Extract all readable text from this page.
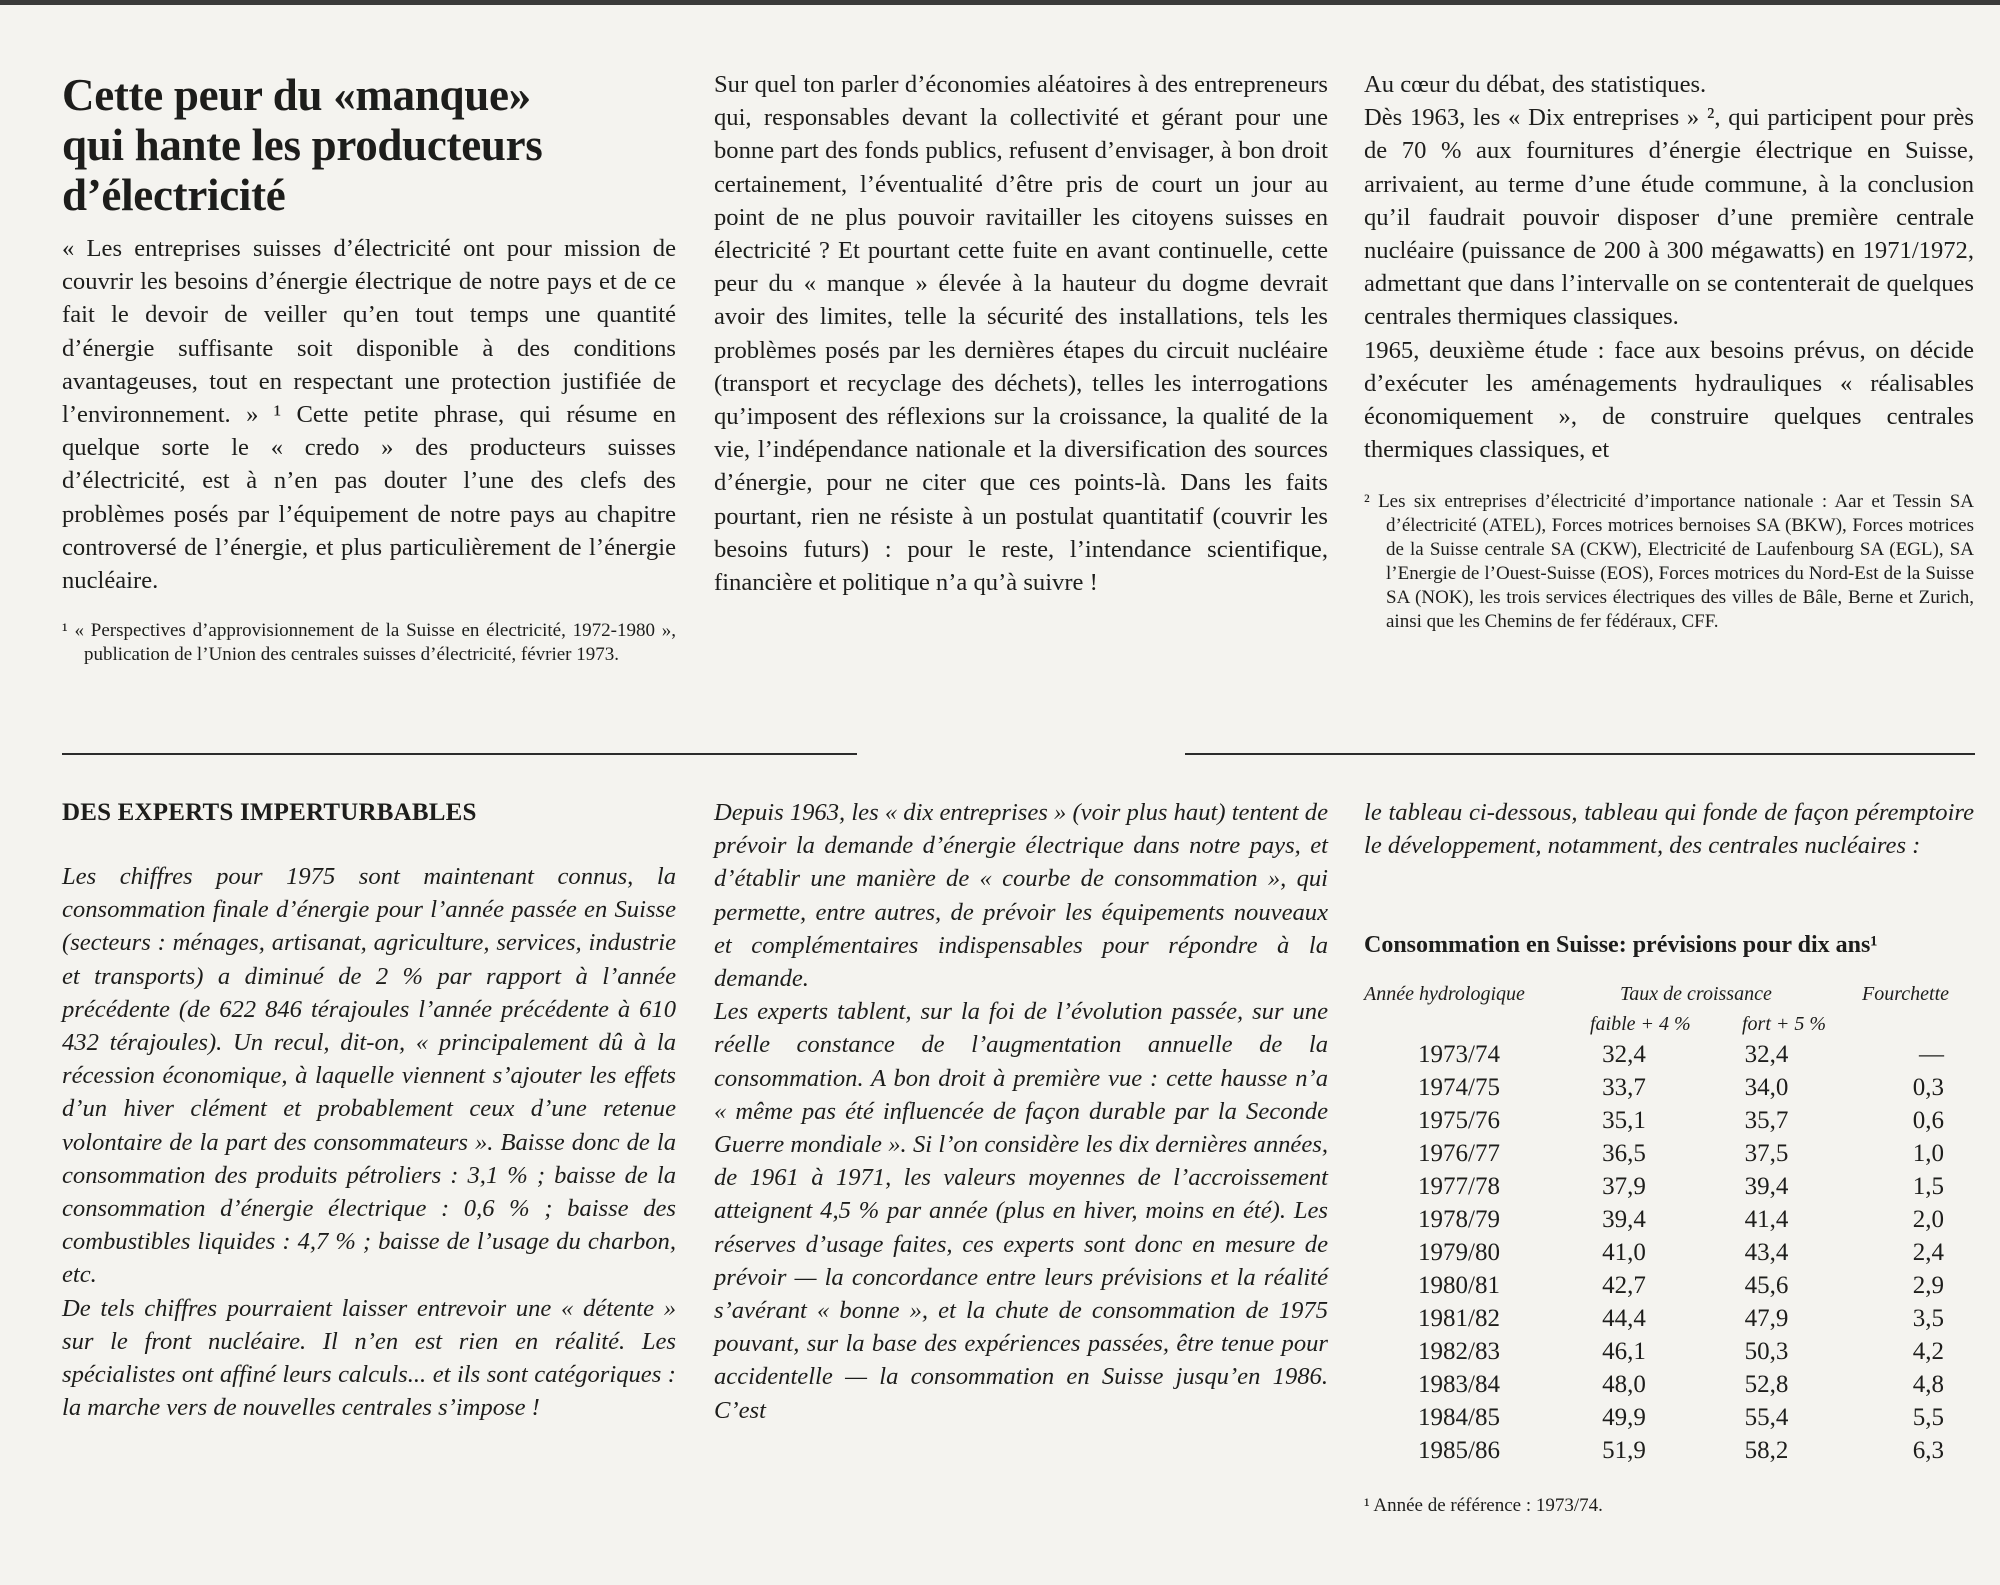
Cette peur du «manque»
qui hante les producteurs
d’électricité

« Les entreprises suisses d’électricité ont pour mission de couvrir les besoins d’énergie électrique de notre pays et de ce fait le devoir de veiller qu’en tout temps une quantité d’énergie suffisante soit disponible à des conditions avantageuses, tout en respectant une protection justifiée de l’environnement. » ¹ Cette petite phrase, qui résume en quelque sorte le « credo » des producteurs suisses d’électricité, est à n’en pas douter l’une des clefs des problèmes posés par l’équipement de notre pays au chapitre controversé de l’énergie, et plus particulièrement de l’énergie nucléaire.

¹ « Perspectives d’approvisionnement de la Suisse en électricité, 1972-1980 », publication de l’Union des centrales suisses d’électricité, février 1973.

Sur quel ton parler d’économies aléatoires à des entrepreneurs qui, responsables devant la collectivité et gérant pour une bonne part des fonds publics, refusent d’envisager, à bon droit certainement, l’éventualité d’être pris de court un jour au point de ne plus pouvoir ravitailler les citoyens suisses en électricité ? Et pourtant cette fuite en avant continuelle, cette peur du « manque » élevée à la hauteur du dogme devrait avoir des limites, telle la sécurité des installations, tels les problèmes posés par les dernières étapes du circuit nucléaire (transport et recyclage des déchets), telles les interrogations qu’imposent des réflexions sur la croissance, la qualité de la vie, l’indépendance nationale et la diversification des sources d’énergie, pour ne citer que ces points-là. Dans les faits pourtant, rien ne résiste à un postulat quantitatif (couvrir les besoins futurs) : pour le reste, l’intendance scientifique, financière et politique n’a qu’à suivre !

Au cœur du débat, des statistiques.

Dès 1963, les « Dix entreprises » ², qui participent pour près de 70 % aux fournitures d’énergie électrique en Suisse, arrivaient, au terme d’une étude commune, à la conclusion qu’il faudrait pouvoir disposer d’une première centrale nucléaire (puissance de 200 à 300 mégawatts) en 1971/1972, admettant que dans l’intervalle on se contenterait de quelques centrales thermiques classiques.

1965, deuxième étude : face aux besoins prévus, on décide d’exécuter les aménagements hydrauliques « réalisables économiquement », de construire quelques centrales thermiques classiques, et

² Les six entreprises d’électricité d’importance nationale : Aar et Tessin SA d’électricité (ATEL), Forces motrices bernoises SA (BKW), Forces motrices de la Suisse centrale SA (CKW), Electricité de Laufenbourg SA (EGL), SA l’Energie de l’Ouest-Suisse (EOS), Forces motrices du Nord-Est de la Suisse SA (NOK), les trois services électriques des villes de Bâle, Berne et Zurich, ainsi que les Chemins de fer fédéraux, CFF.

DES EXPERTS IMPERTURBABLES

Les chiffres pour 1975 sont maintenant connus, la consommation finale d’énergie pour l’année passée en Suisse (secteurs : ménages, artisanat, agriculture, services, industrie et transports) a diminué de 2 % par rapport à l’année précédente (de 622 846 térajoules l’année précédente à 610 432 térajoules). Un recul, dit-on, « principalement dû à la récession économique, à laquelle viennent s’ajouter les effets d’un hiver clément et probablement ceux d’une retenue volontaire de la part des consommateurs ». Baisse donc de la consommation des produits pétroliers : 3,1 % ; baisse de la consommation d’énergie électrique : 0,6 % ; baisse des combustibles liquides : 4,7 % ; baisse de l’usage du charbon, etc.

De tels chiffres pourraient laisser entrevoir une « détente » sur le front nucléaire. Il n’en est rien en réalité. Les spécialistes ont affiné leurs calculs... et ils sont catégoriques : la marche vers de nouvelles centrales s’impose !

Depuis 1963, les « dix entreprises » (voir plus haut) tentent de prévoir la demande d’énergie électrique dans notre pays, et d’établir une manière de « courbe de consommation », qui permette, entre autres, de prévoir les équipements nouveaux et complémentaires indispensables pour répondre à la demande.

Les experts tablent, sur la foi de l’évolution passée, sur une réelle constance de l’augmentation annuelle de la consommation. A bon droit à première vue : cette hausse n’a « même pas été influencée de façon durable par la Seconde Guerre mondiale ». Si l’on considère les dix dernières années, de 1961 à 1971, les valeurs moyennes de l’accroissement atteignent 4,5 % par année (plus en hiver, moins en été). Les réserves d’usage faites, ces experts sont donc en mesure de prévoir — la concordance entre leurs prévisions et la réalité s’avérant « bonne », et la chute de consommation de 1975 pouvant, sur la base des expériences passées, être tenue pour accidentelle — la consommation en Suisse jusqu’en 1986. C’est

le tableau ci-dessous, tableau qui fonde de façon péremptoire le développement, notamment, des centrales nucléaires :

Consommation en Suisse: prévisions pour dix ans¹
Année hydrologique	Taux de croissance	Fourchette
faible + 4 %	fort + 5 %
1973/74	32,4	32,4	—
1974/75	33,7	34,0	0,3
1975/76	35,1	35,7	0,6
1976/77	36,5	37,5	1,0
1977/78	37,9	39,4	1,5
1978/79	39,4	41,4	2,0
1979/80	41,0	43,4	2,4
1980/81	42,7	45,6	2,9
1981/82	44,4	47,9	3,5
1982/83	46,1	50,3	4,2
1983/84	48,0	52,8	4,8
1984/85	49,9	55,4	5,5
1985/86	51,9	58,2	6,3

¹ Année de référence : 1973/74.
